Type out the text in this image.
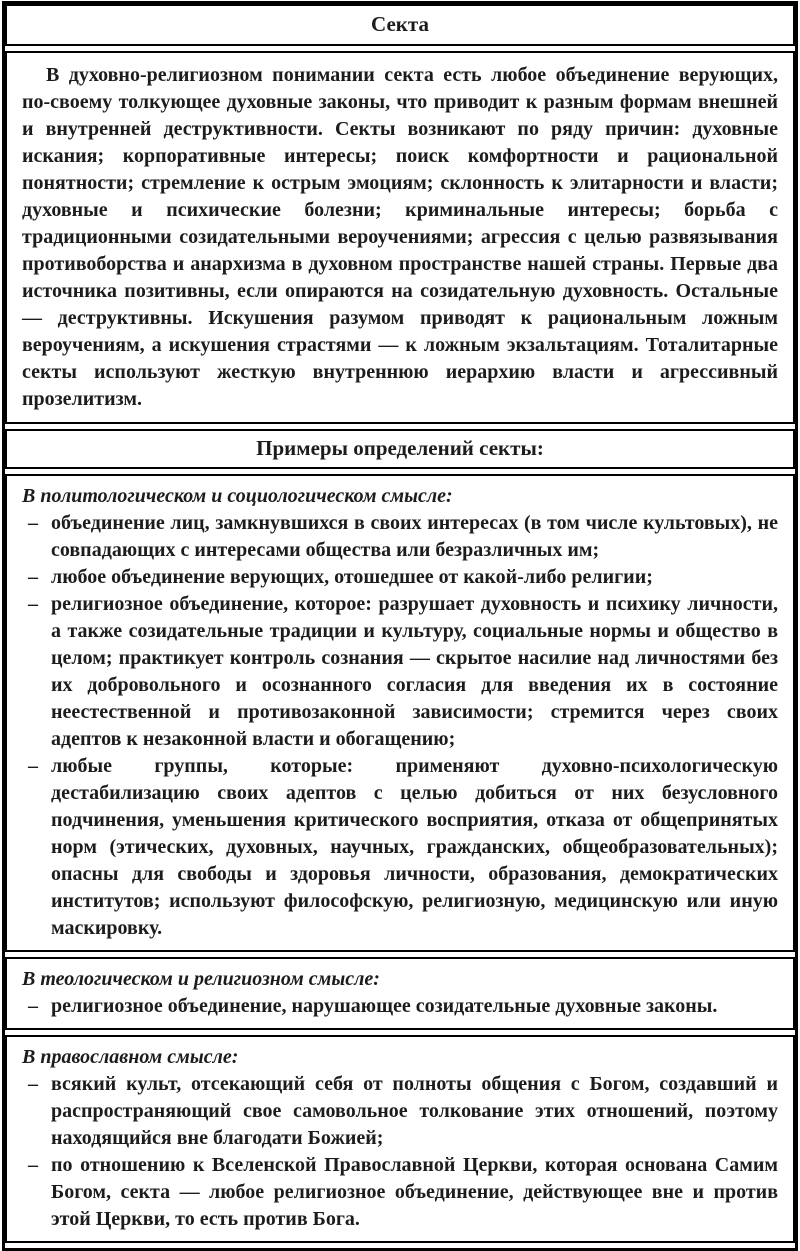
Секта

В духовно-религиозном понимании секта есть любое объединение верующих, по-своему толкующее духовные законы, что приводит к разным формам внешней и внутренней деструктивности. Секты возникают по ряду причин: духовные искания; корпоративные интересы; поиск комфортности и рациональной понятности; стремление к острым эмоциям; склонность к элитарности и власти; духовные и психические болезни; криминальные интересы; борьба с традиционными созидательными вероучениями; агрессия с целью развязывания противоборства и анархизма в духовном пространстве нашей страны. Первые два источника позитивны, если опираются на созидательную духовность. Остальные — деструктивны. Искушения разумом приводят к рациональным ложным вероучениям, а искушения страстями — к ложным экзальтациям. Тоталитарные секты используют жесткую внутреннюю иерархию власти и агрессивный прозелитизм.

Примеры определений секты:

В политологическом и социологическом смысле:

– объединение лиц, замкнувшихся в своих интересах (в том числе культовых), не совпадающих с интересами общества или безразличных им;
– любое объединение верующих, отошедшее от какой-либо религии;
– религиозное объединение, которое: разрушает духовность и психику личности, а также созидательные традиции и культуру, социальные нормы и общество в целом; практикует контроль сознания — скрытое насилие над личностями без их добровольного и осознанного согласия для введения их в состояние неестественной и противозаконной зависимости; стремится через своих адептов к незаконной власти и обогащению;
– любые группы, которые: применяют духовно-психологическую дестабилизацию своих адептов с целью добиться от них безусловного подчинения, уменьшения критического восприятия, отказа от общепринятых норм (этических, духовных, научных, гражданских, общеобразовательных); опасны для свободы и здоровья личности, образования, демократических институтов; используют философскую, религиозную, медицинскую или иную маскировку.

В теологическом и религиозном смысле:

– религиозное объединение, нарушающее созидательные духовные законы.

В православном смысле:

– всякий культ, отсекающий себя от полноты общения с Богом, создавший и распространяющий свое самовольное толкование этих отношений, поэтому находящийся вне благодати Божией;
– по отношению к Вселенской Православной Церкви, которая основана Самим Богом, секта — любое религиозное объединение, действующее вне и против этой Церкви, то есть против Бога.
